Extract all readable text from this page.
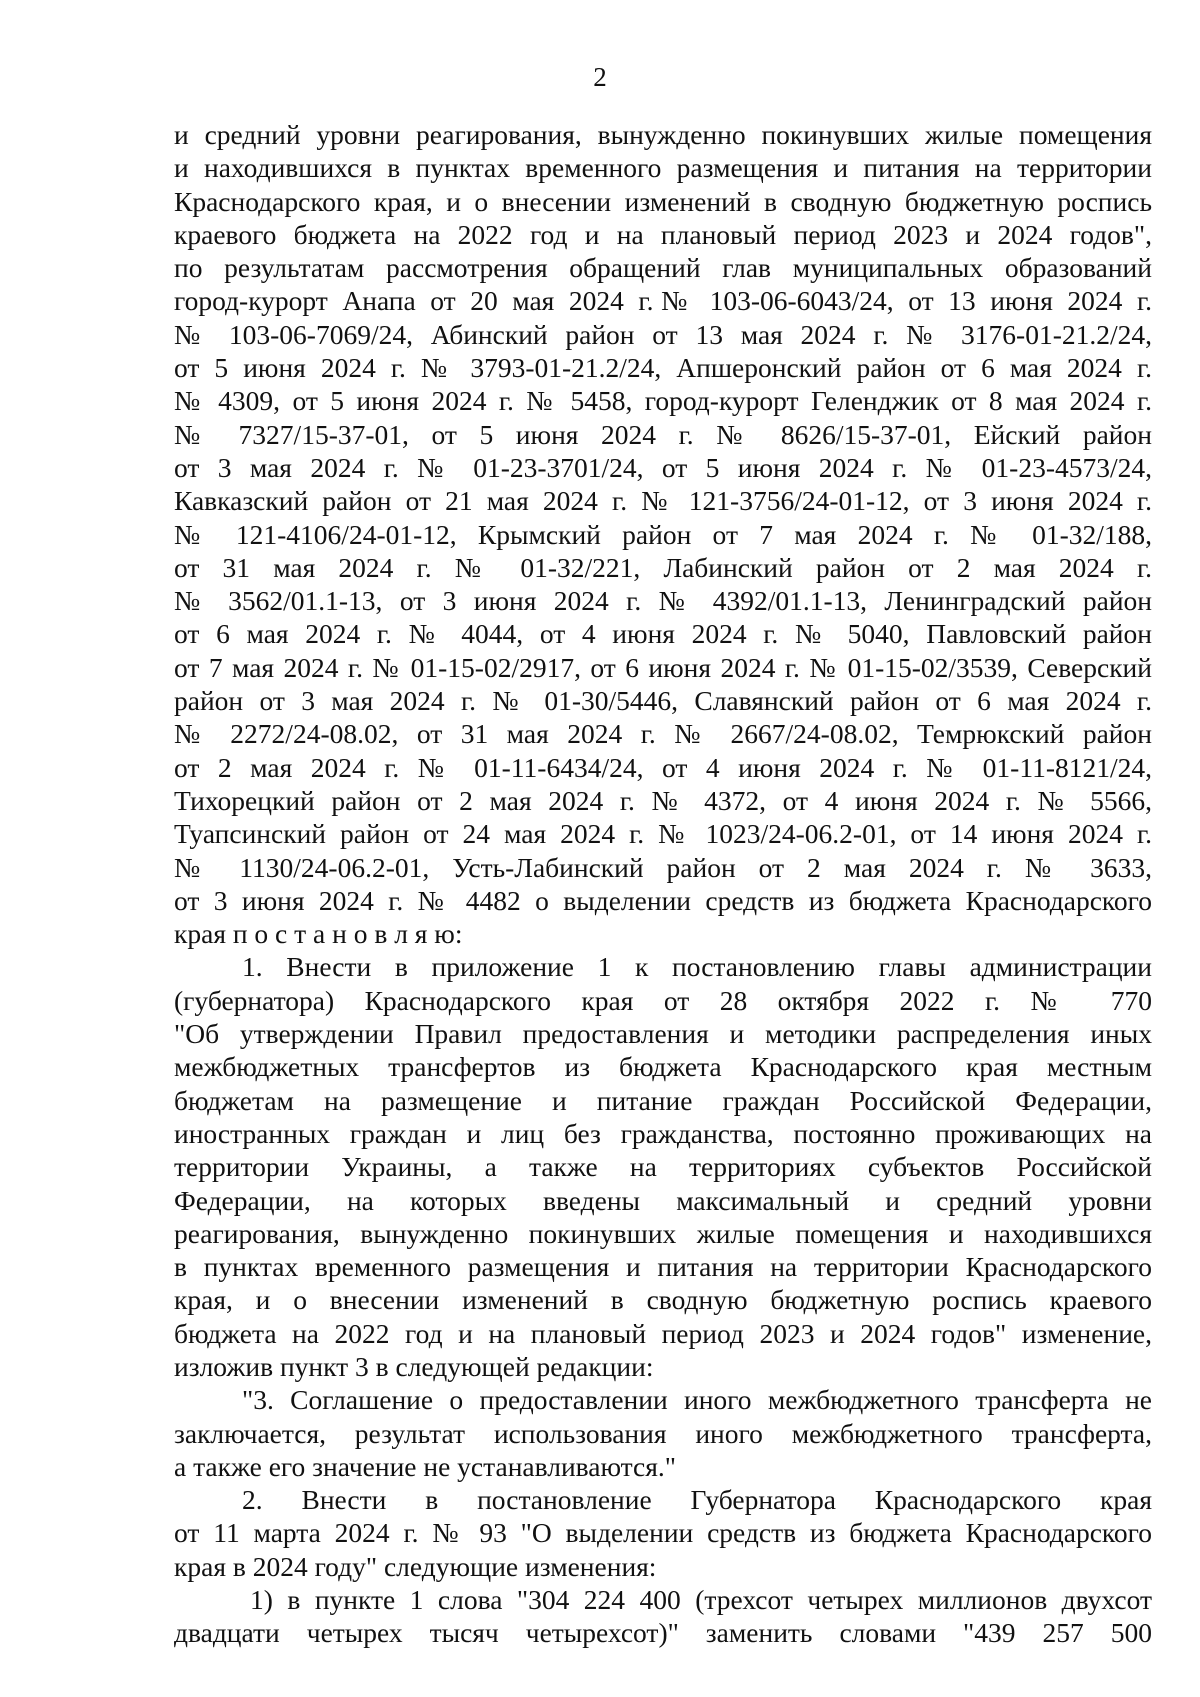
2
и средний уровни реагирования, вынужденно покинувших жилые помещения
и находившихся в пунктах временного размещения и питания на территории
Краснодарского края, и о внесении изменений в сводную бюджетную роспись
краевого бюджета на 2022 год и на плановый период 2023 и 2024 годов",
по результатам рассмотрения обращений глав муниципальных образований
город-курорт Анапа от 20 мая 2024 г.№ 103-06-6043/24, от 13 июня 2024 г.
№ 103-06-7069/24, Абинский район от 13 мая 2024 г. № 3176-01-21.2/24,
от 5 июня 2024 г. № 3793-01-21.2/24, Апшеронский район от 6 мая 2024 г.
№ 4309, от 5 июня 2024 г. № 5458, город-курорт Геленджик от 8 мая 2024 г.
№ 7327/15-37-01, от 5 июня 2024 г. № 8626/15-37-01, Ейский район
от 3 мая 2024 г. № 01-23-3701/24, от 5 июня 2024 г. № 01-23-4573/24,
Кавказский район от 21 мая 2024 г. № 121-3756/24-01-12, от 3 июня 2024 г.
№ 121-4106/24-01-12, Крымский район от 7 мая 2024 г. № 01-32/188,
от 31 мая 2024 г. № 01-32/221, Лабинский район от 2 мая 2024 г.
№ 3562/01.1-13, от 3 июня 2024 г. № 4392/01.1-13, Ленинградский район
от 6 мая 2024 г. № 4044, от 4 июня 2024 г. № 5040, Павловский район
от 7 мая 2024 г. № 01-15-02/2917, от 6 июня 2024 г. № 01-15-02/3539, Северский
район от 3 мая 2024 г. № 01-30/5446, Славянский район от 6 мая 2024 г.
№ 2272/24-08.02, от 31 мая 2024 г. № 2667/24-08.02, Темрюкский район
от 2 мая 2024 г. № 01-11-6434/24, от 4 июня 2024 г. № 01-11-8121/24,
Тихорецкий район от 2 мая 2024 г. № 4372, от 4 июня 2024 г. № 5566,
Туапсинский район от 24 мая 2024 г. № 1023/24-06.2-01, от 14 июня 2024 г.
№ 1130/24-06.2-01, Усть-Лабинский район от 2 мая 2024 г. № 3633,
от 3 июня 2024 г. № 4482 о выделении средств из бюджета Краснодарского
края п о с т а н о в л я ю:
1. Внести в приложение 1 к постановлению главы администрации
(губернатора) Краснодарского края от 28 октября 2022 г. № 770
"Об утверждении Правил предоставления и методики распределения иных
межбюджетных трансфертов из бюджета Краснодарского края местным
бюджетам на размещение и питание граждан Российской Федерации,
иностранных граждан и лиц без гражданства, постоянно проживающих на
территории Украины, а также на территориях субъектов Российской
Федерации, на которых введены максимальный и средний уровни
реагирования, вынужденно покинувших жилые помещения и находившихся
в пунктах временного размещения и питания на территории Краснодарского
края, и о внесении изменений в сводную бюджетную роспись краевого
бюджета на 2022 год и на плановый период 2023 и 2024 годов" изменение,
изложив пункт 3 в следующей редакции:
"3. Соглашение о предоставлении иного межбюджетного трансферта не
заключается, результат использования иного межбюджетного трансферта,
а также его значение не устанавливаются."
2. Внести в постановление Губернатора Краснодарского края
от 11 марта 2024 г. № 93 "О выделении средств из бюджета Краснодарского
края в 2024 году" следующие изменения:
1) в пункте 1 слова "304 224 400 (трехсот четырех миллионов двухсот
двадцати четырех тысяч четырехсот)" заменить словами "439 257 500
